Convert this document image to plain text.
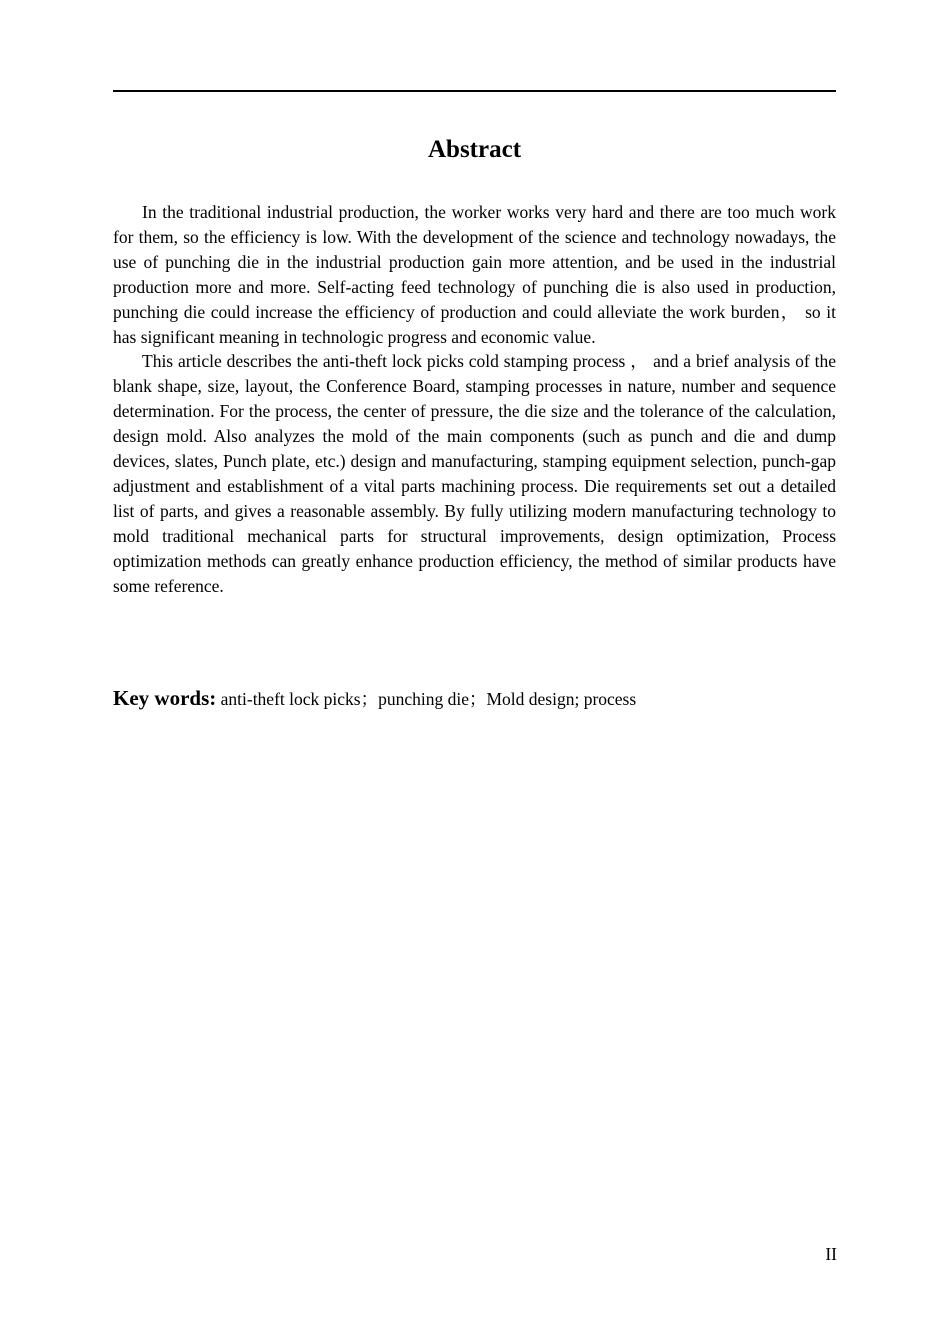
Abstract

In the traditional industrial production, the worker works very hard and there are too much work for them, so the efficiency is low. With the development of the science and technology nowadays, the use of punching die in the industrial production gain more attention, and be used in the industrial production more and more. Self-acting feed technology of punching die is also used in production, punching die could increase the efficiency of production and could alleviate the work burden， so it has significant meaning in technologic progress and economic value.

This article describes the anti-theft lock picks cold stamping process ， and a brief analysis of the blank shape, size, layout, the Conference Board, stamping processes in nature, number and sequence determination. For the process, the center of pressure, the die size and the tolerance of the calculation, design mold. Also analyzes the mold of the main components (such as punch and die and dump devices, slates, Punch plate, etc.) design and manufacturing, stamping equipment selection, punch-gap adjustment and establishment of a vital parts machining process. Die requirements set out a detailed list of parts, and gives a reasonable assembly. By fully utilizing modern manufacturing technology to mold traditional mechanical parts for structural improvements, design optimization, Process optimization methods can greatly enhance production efficiency, the method of similar products have some reference.

Key words: anti-theft lock picks；punching die；Mold design; process

II
